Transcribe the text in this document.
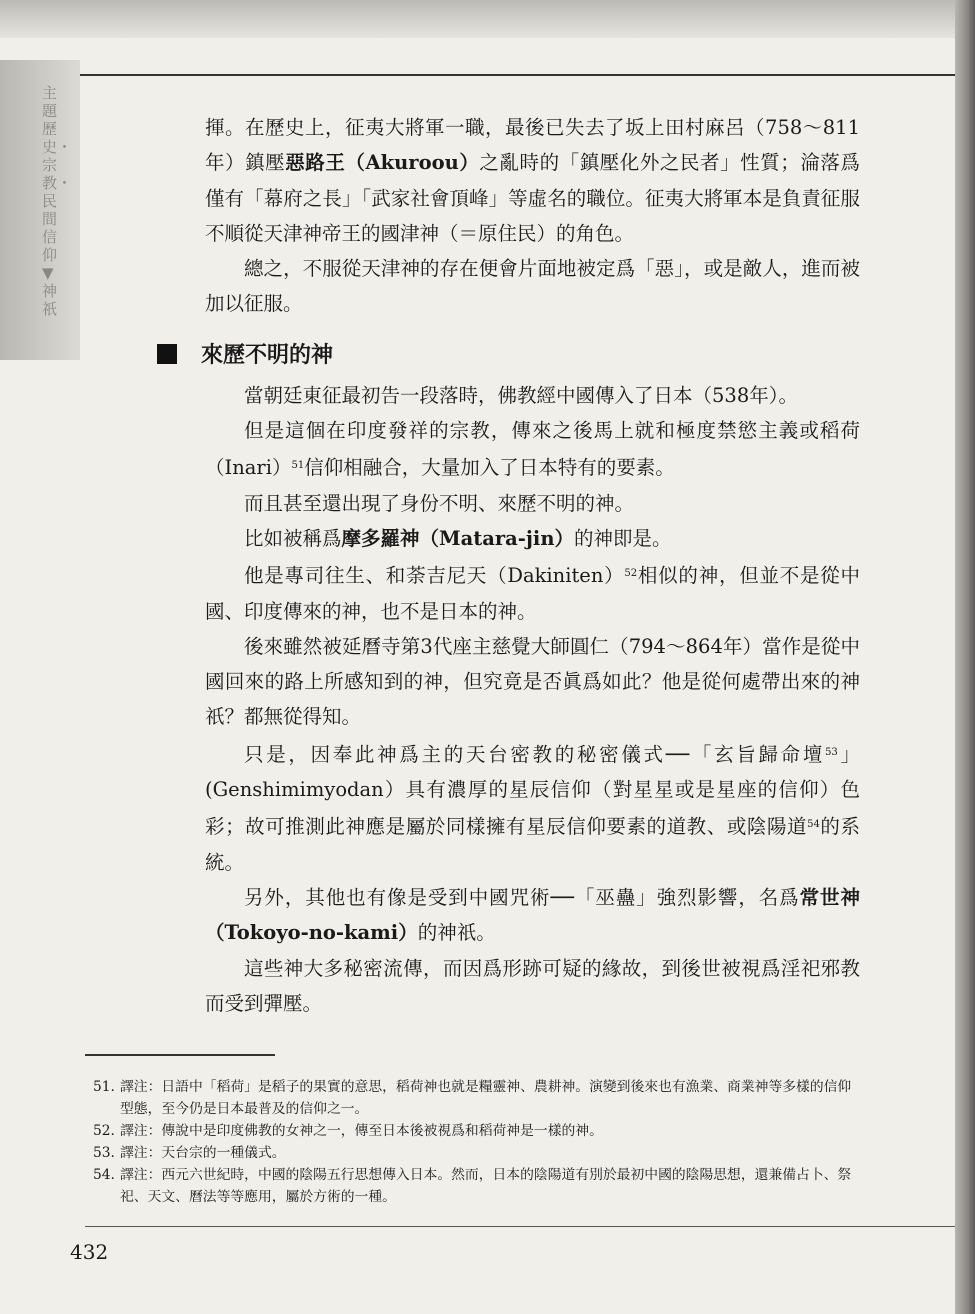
主題歷史・宗教・民間信仰▼神祇

揮。在歷史上，征夷大將軍一職，最後已失去了坂上田村麻呂（758～811年）鎮壓惡路王（Akuroou）之亂時的「鎮壓化外之民者」性質；淪落爲僅有「幕府之長」「武家社會頂峰」等虛名的職位。征夷大將軍本是負責征服不順從天津神帝王的國津神（＝原住民）的角色。

總之，不服從天津神的存在便會片面地被定爲「惡」，或是敵人，進而被加以征服。

來歷不明的神

當朝廷東征最初告一段落時，佛教經中國傳入了日本（538年）。

但是這個在印度發祥的宗教，傳來之後馬上就和極度禁慾主義或稻荷（Inari）$^{51}$信仰相融合，大量加入了日本特有的要素。

而且甚至還出現了身份不明、來歷不明的神。

比如被稱爲摩多羅神（Matara-jin）的神即是。

他是專司往生、和荼吉尼天（Dakiniten）$^{52}$相似的神，但並不是從中國、印度傳來的神，也不是日本的神。

後來雖然被延曆寺第3代座主慈覺大師圓仁（794～864年）當作是從中國回來的路上所感知到的神，但究竟是否眞爲如此？他是從何處帶出來的神祇？都無從得知。

只是，因奉此神爲主的天台密教的秘密儀式──「玄旨歸命壇$^{53}$」(Genshimimyodan）具有濃厚的星辰信仰（對星星或是星座的信仰）色彩；故可推測此神應是屬於同樣擁有星辰信仰要素的道教、或陰陽道$^{54}$的系統。

另外，其他也有像是受到中國咒術──「巫蠱」強烈影響，名爲常世神（Tokoyo-no-kami）的神祇。

這些神大多秘密流傳，而因爲形跡可疑的緣故，到後世被視爲淫祀邪教而受到彈壓。

51. 譯注：日語中「稻荷」是稻子的果實的意思，稻荷神也就是糧靈神、農耕神。演變到後來也有漁業、商業神等多樣的信仰型態，至今仍是日本最普及的信仰之一。
52. 譯注：傳說中是印度佛教的女神之一，傳至日本後被視爲和稻荷神是一樣的神。
53. 譯注：天台宗的一種儀式。
54. 譯注：西元六世紀時，中國的陰陽五行思想傳入日本。然而，日本的陰陽道有別於最初中國的陰陽思想，還兼備占卜、祭祀、天文、曆法等等應用，屬於方術的一種。
432
